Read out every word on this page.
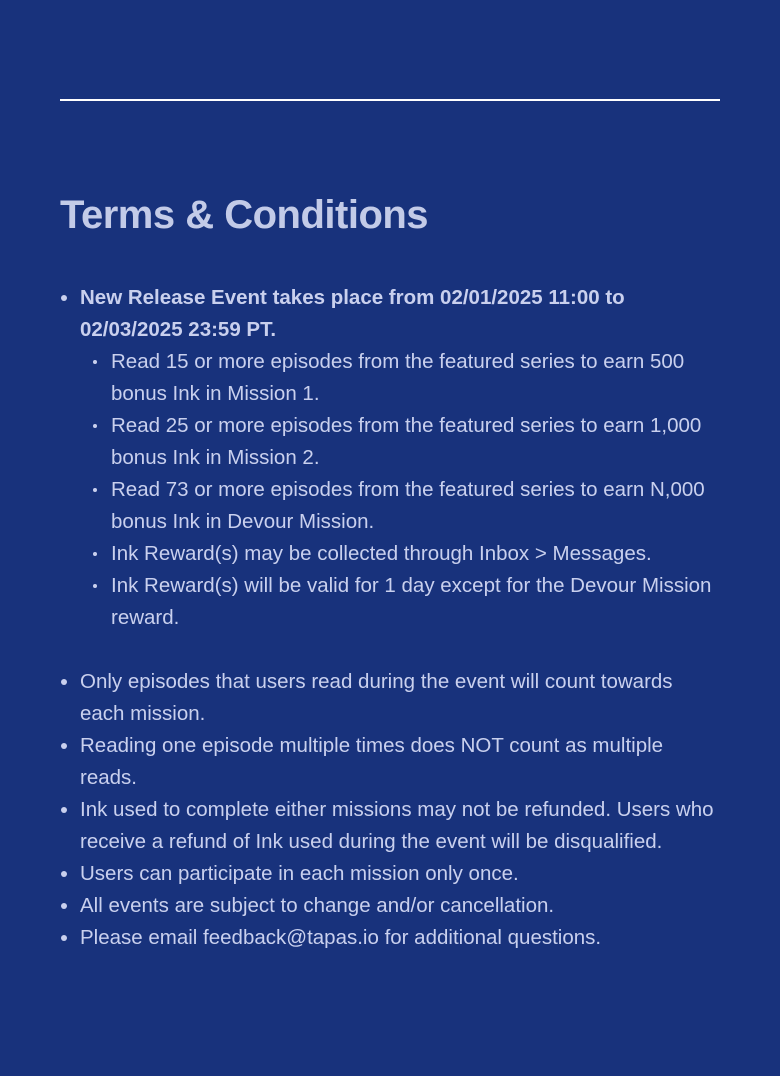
Terms & Conditions
New Release Event takes place from 02/01/2025 11:00 to 02/03/2025 23:59 PT.
Read 15 or more episodes from the featured series to earn 500 bonus Ink in Mission 1.
Read 25 or more episodes from the featured series to earn 1,000 bonus Ink in Mission 2.
Read 73 or more episodes from the featured series to earn N,000 bonus Ink in Devour Mission.
Ink Reward(s) may be collected through Inbox > Messages.
Ink Reward(s) will be valid for 1 day except for the Devour Mission reward.
Only episodes that users read during the event will count towards each mission.
Reading one episode multiple times does NOT count as multiple reads.
Ink used to complete either missions may not be refunded. Users who receive a refund of Ink used during the event will be disqualified.
Users can participate in each mission only once.
All events are subject to change and/or cancellation.
Please email feedback@tapas.io for additional questions.
